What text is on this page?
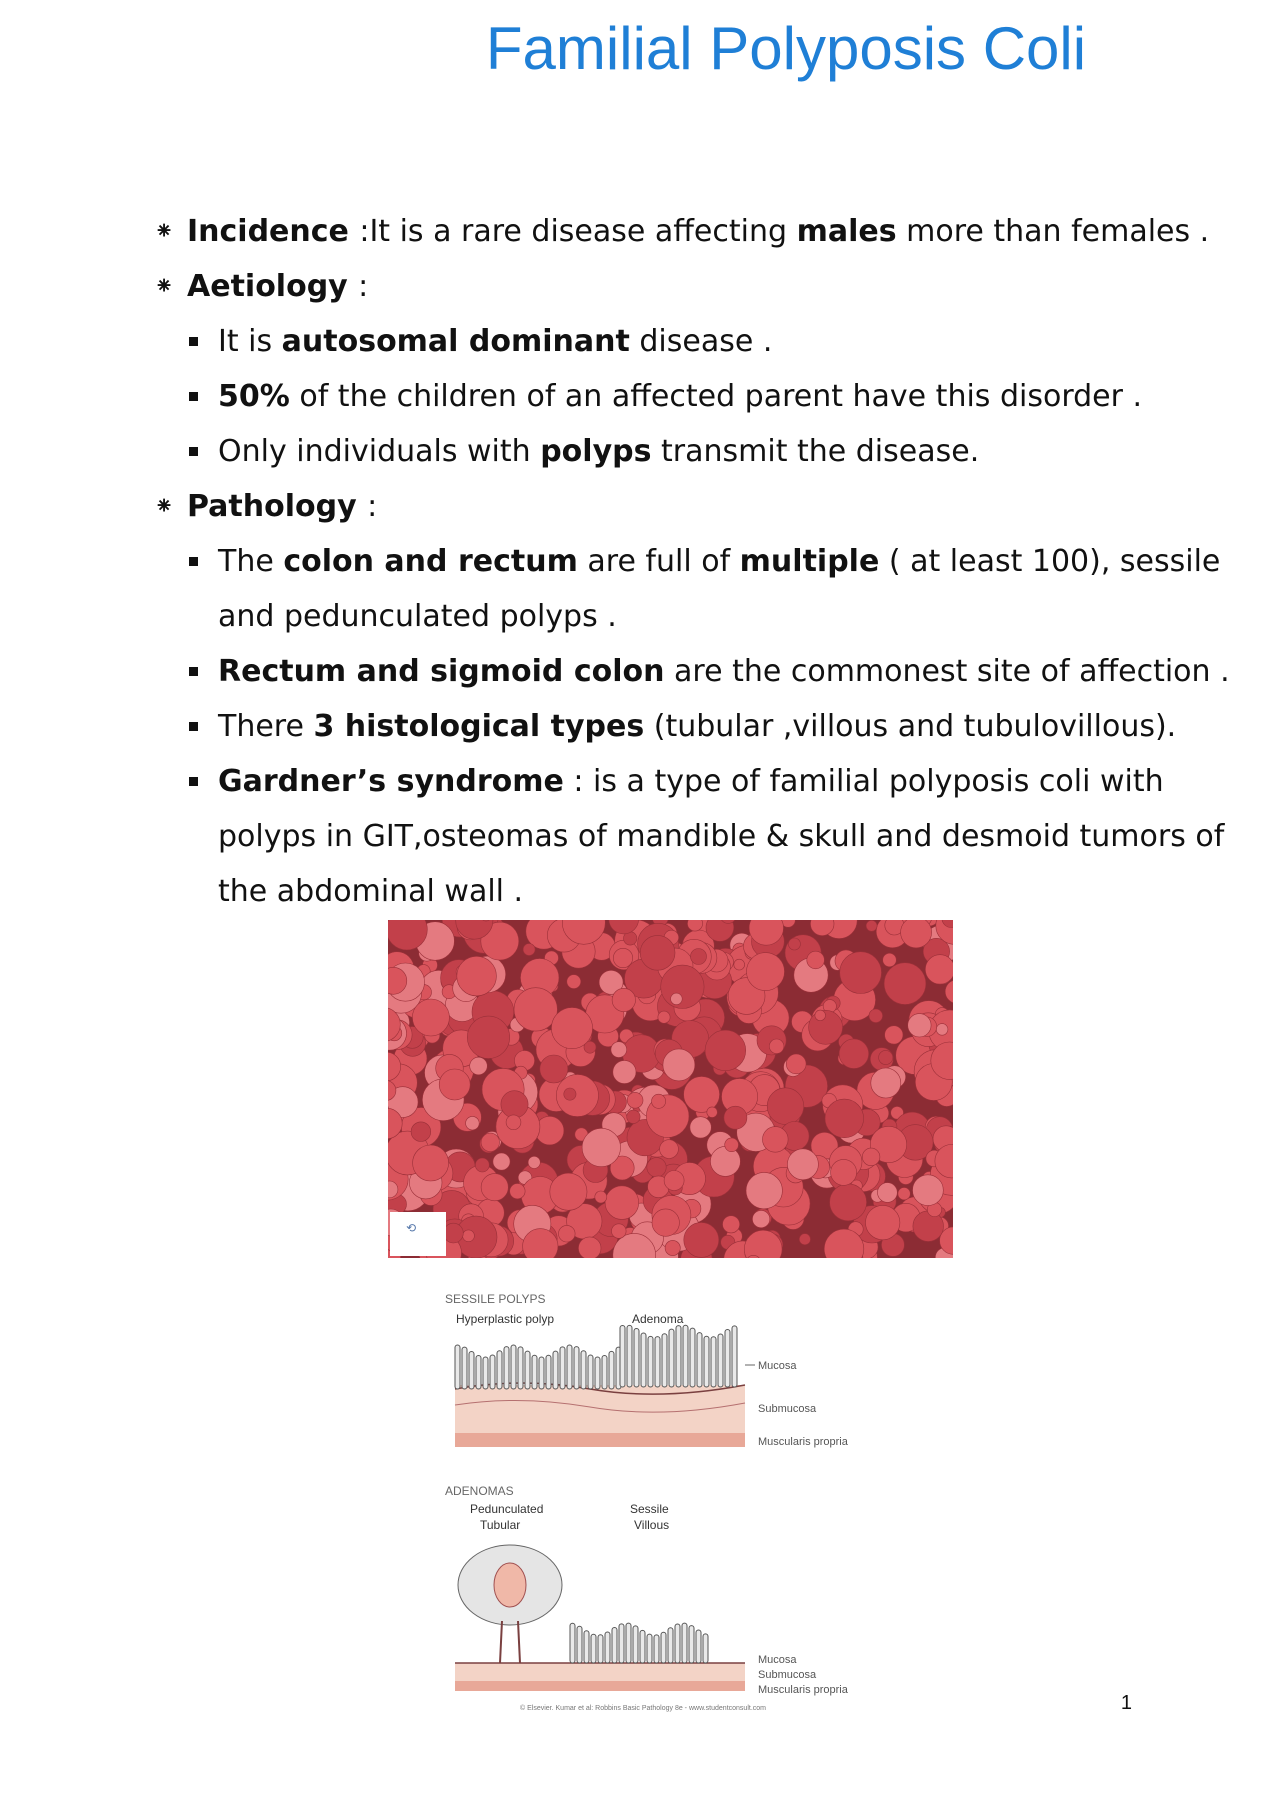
Familial Polyposis Coli
⁕ Incidence :It is a rare disease affecting males more than females .
⁕ Aetiology :
It is autosomal dominant disease .
50% of the children of an affected parent have this disorder .
Only individuals with polyps transmit the disease.
⁕ Pathology :
The colon and rectum are full of multiple ( at least 100), sessile
and pedunculated polyps .
Rectum and sigmoid colon are the commonest site of affection .
There 3 histological types (tubular ,villous and tubulovillous).
Gardner’s syndrome : is a type of familial polyposis coli with
polyps in GIT,osteomas of mandible & skull and desmoid tumors of
the abdominal wall .
⟲
SESSILE POLYPS
Hyperplastic polyp	Adenoma
Mucosa
Submucosa
Muscularis propria
ADENOMAS
Pedunculated
Tubular
Sessile
Villous
Mucosa
Submucosa
Muscularis propria
© Elsevier. Kumar et al: Robbins Basic Pathology 8e - www.studentconsult.com	1
